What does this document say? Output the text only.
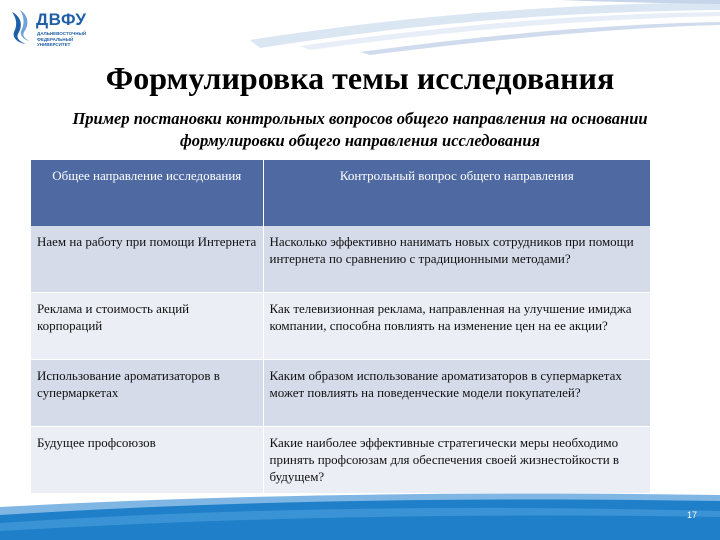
ДВФУ
ДАЛЬНЕВОСТОЧНЫЙ ФЕДЕРАЛЬНЫЙ УНИВЕРСИТЕТ
Формулировка темы исследования
Пример постановки контрольных вопросов общего направления на основании формулировки общего направления исследования
Общее направление исследования	Контрольный вопрос общего направления
Наем на работу при помощи Интернета	Насколько эффективно нанимать новых сотрудников при помощи интернета по сравнению с традиционными методами?
Реклама и стоимость акций корпораций	Как телевизионная реклама, направленная на улучшение имиджа компании, способна повлиять на изменение цен на ее акции?
Использование ароматизаторов в супермаркетах	Каким образом использование ароматизаторов в супермаркетах может повлиять на поведенческие модели покупателей?
Будущее профсоюзов	Какие наиболее эффективные стратегически меры необходимо принять профсоюзам для обеспечения своей жизнестойкости в будущем?
17
